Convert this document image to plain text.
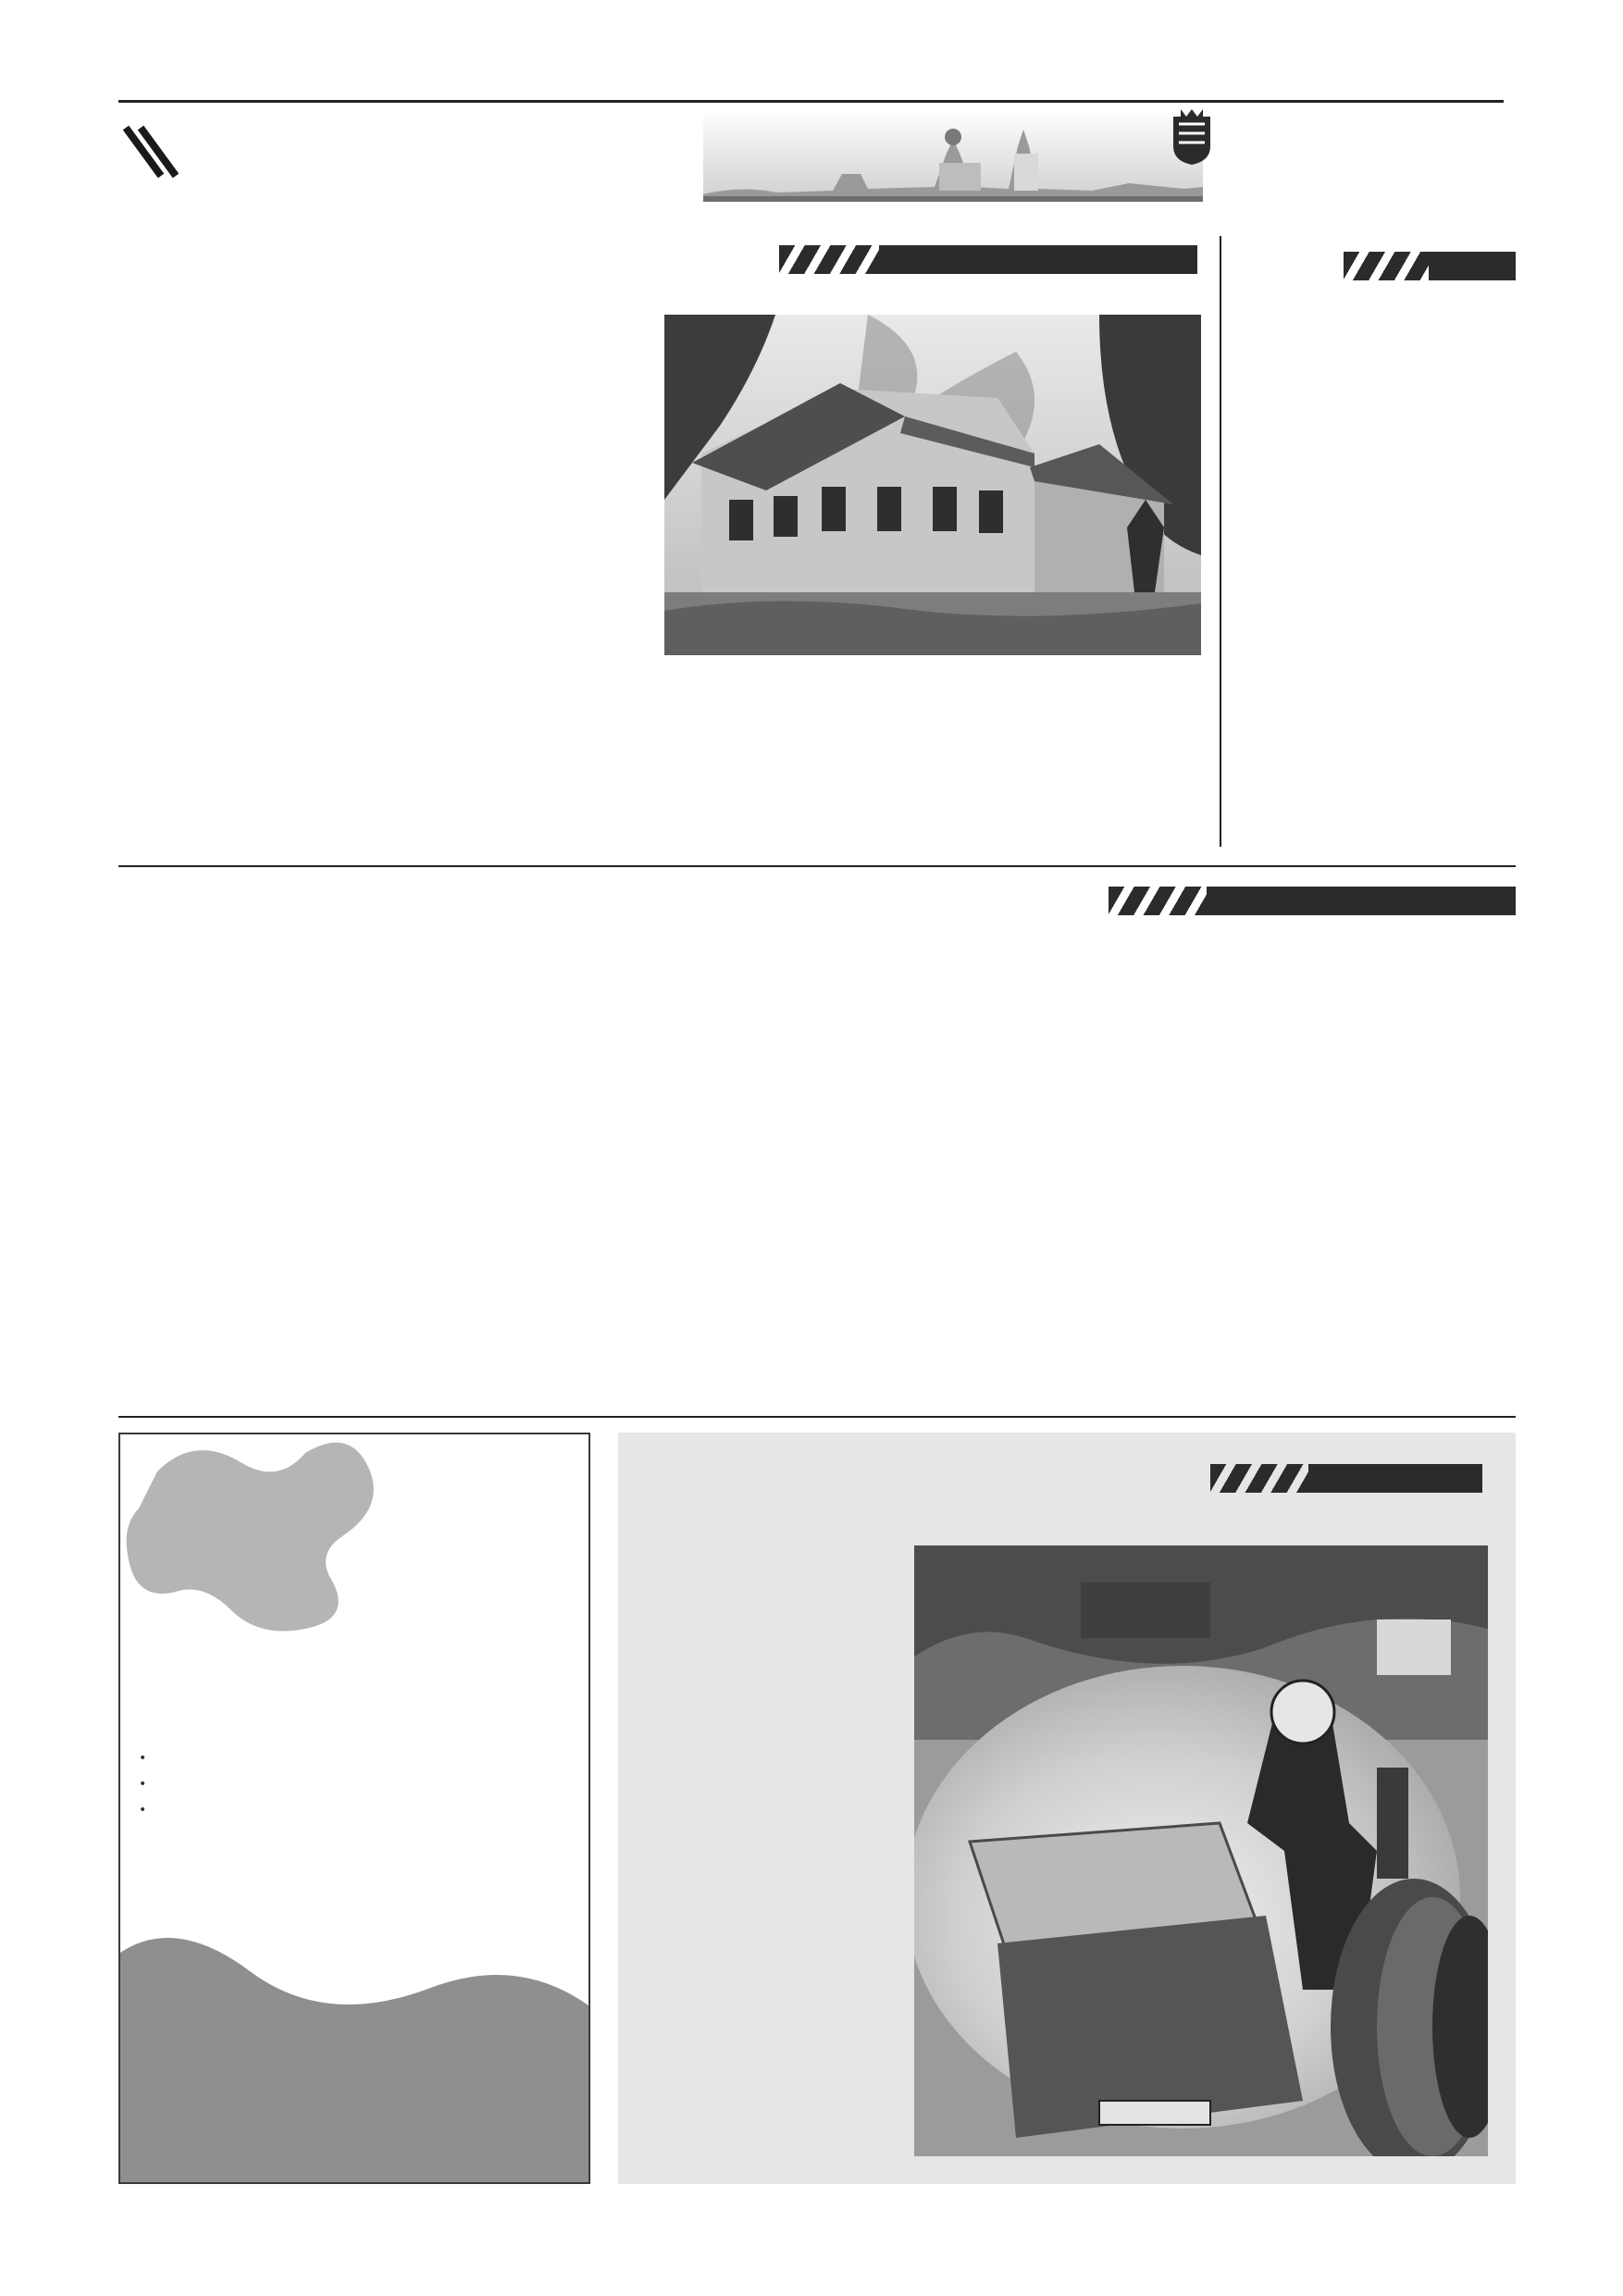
•
•
•
